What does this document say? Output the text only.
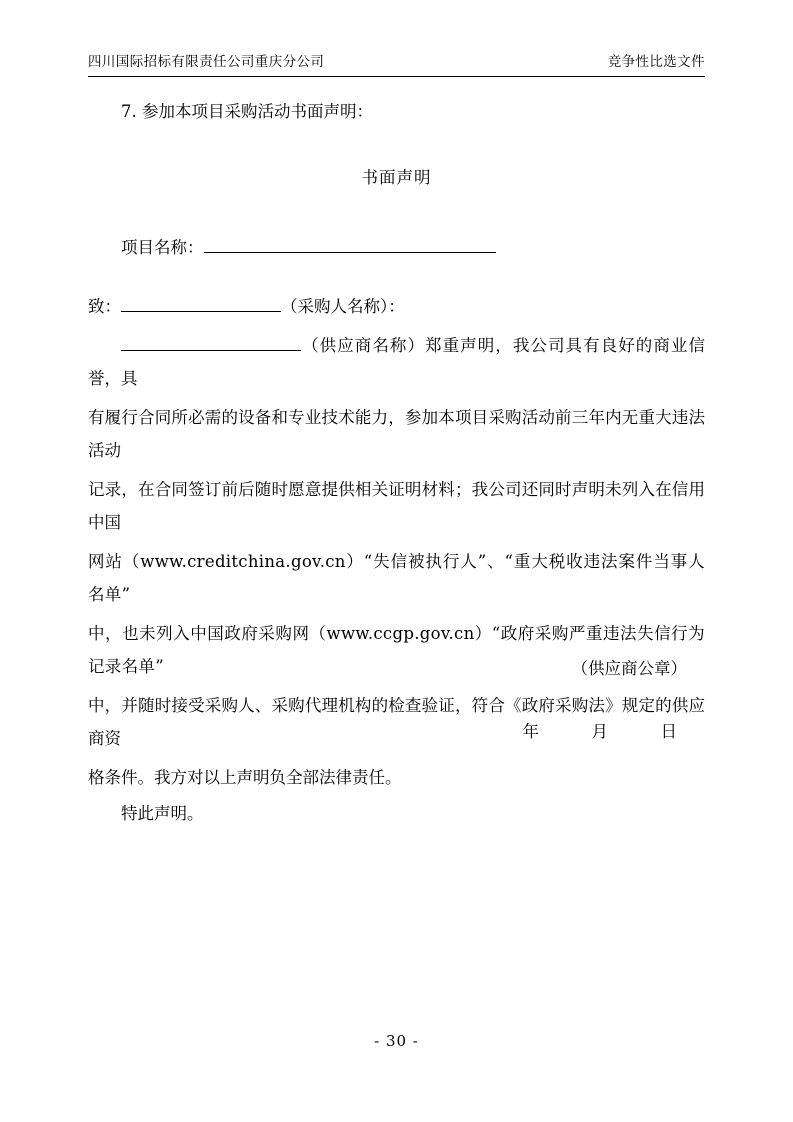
四川国际招标有限责任公司重庆分公司	竞争性比选文件
7. 参加本项目采购活动书面声明：
书面声明
项目名称：
致：	（采购人名称）：
（供应商名称）郑重声明，我公司具有良好的商业信誉，具
有履行合同所必需的设备和专业技术能力，参加本项目采购活动前三年内无重大违法活动
记录，在合同签订前后随时愿意提供相关证明材料；我公司还同时声明未列入在信用中国
网站（www.creditchina.gov.cn）“失信被执行人”、“重大税收违法案件当事人名单”
中，也未列入中国政府采购网（www.ccgp.gov.cn）“政府采购严重违法失信行为记录名单”
中，并随时接受采购人、采购代理机构的检查验证，符合《政府采购法》规定的供应商资
格条件。我方对以上声明负全部法律责任。
特此声明。
（供应商公章）
年	月	日
- 30 -
